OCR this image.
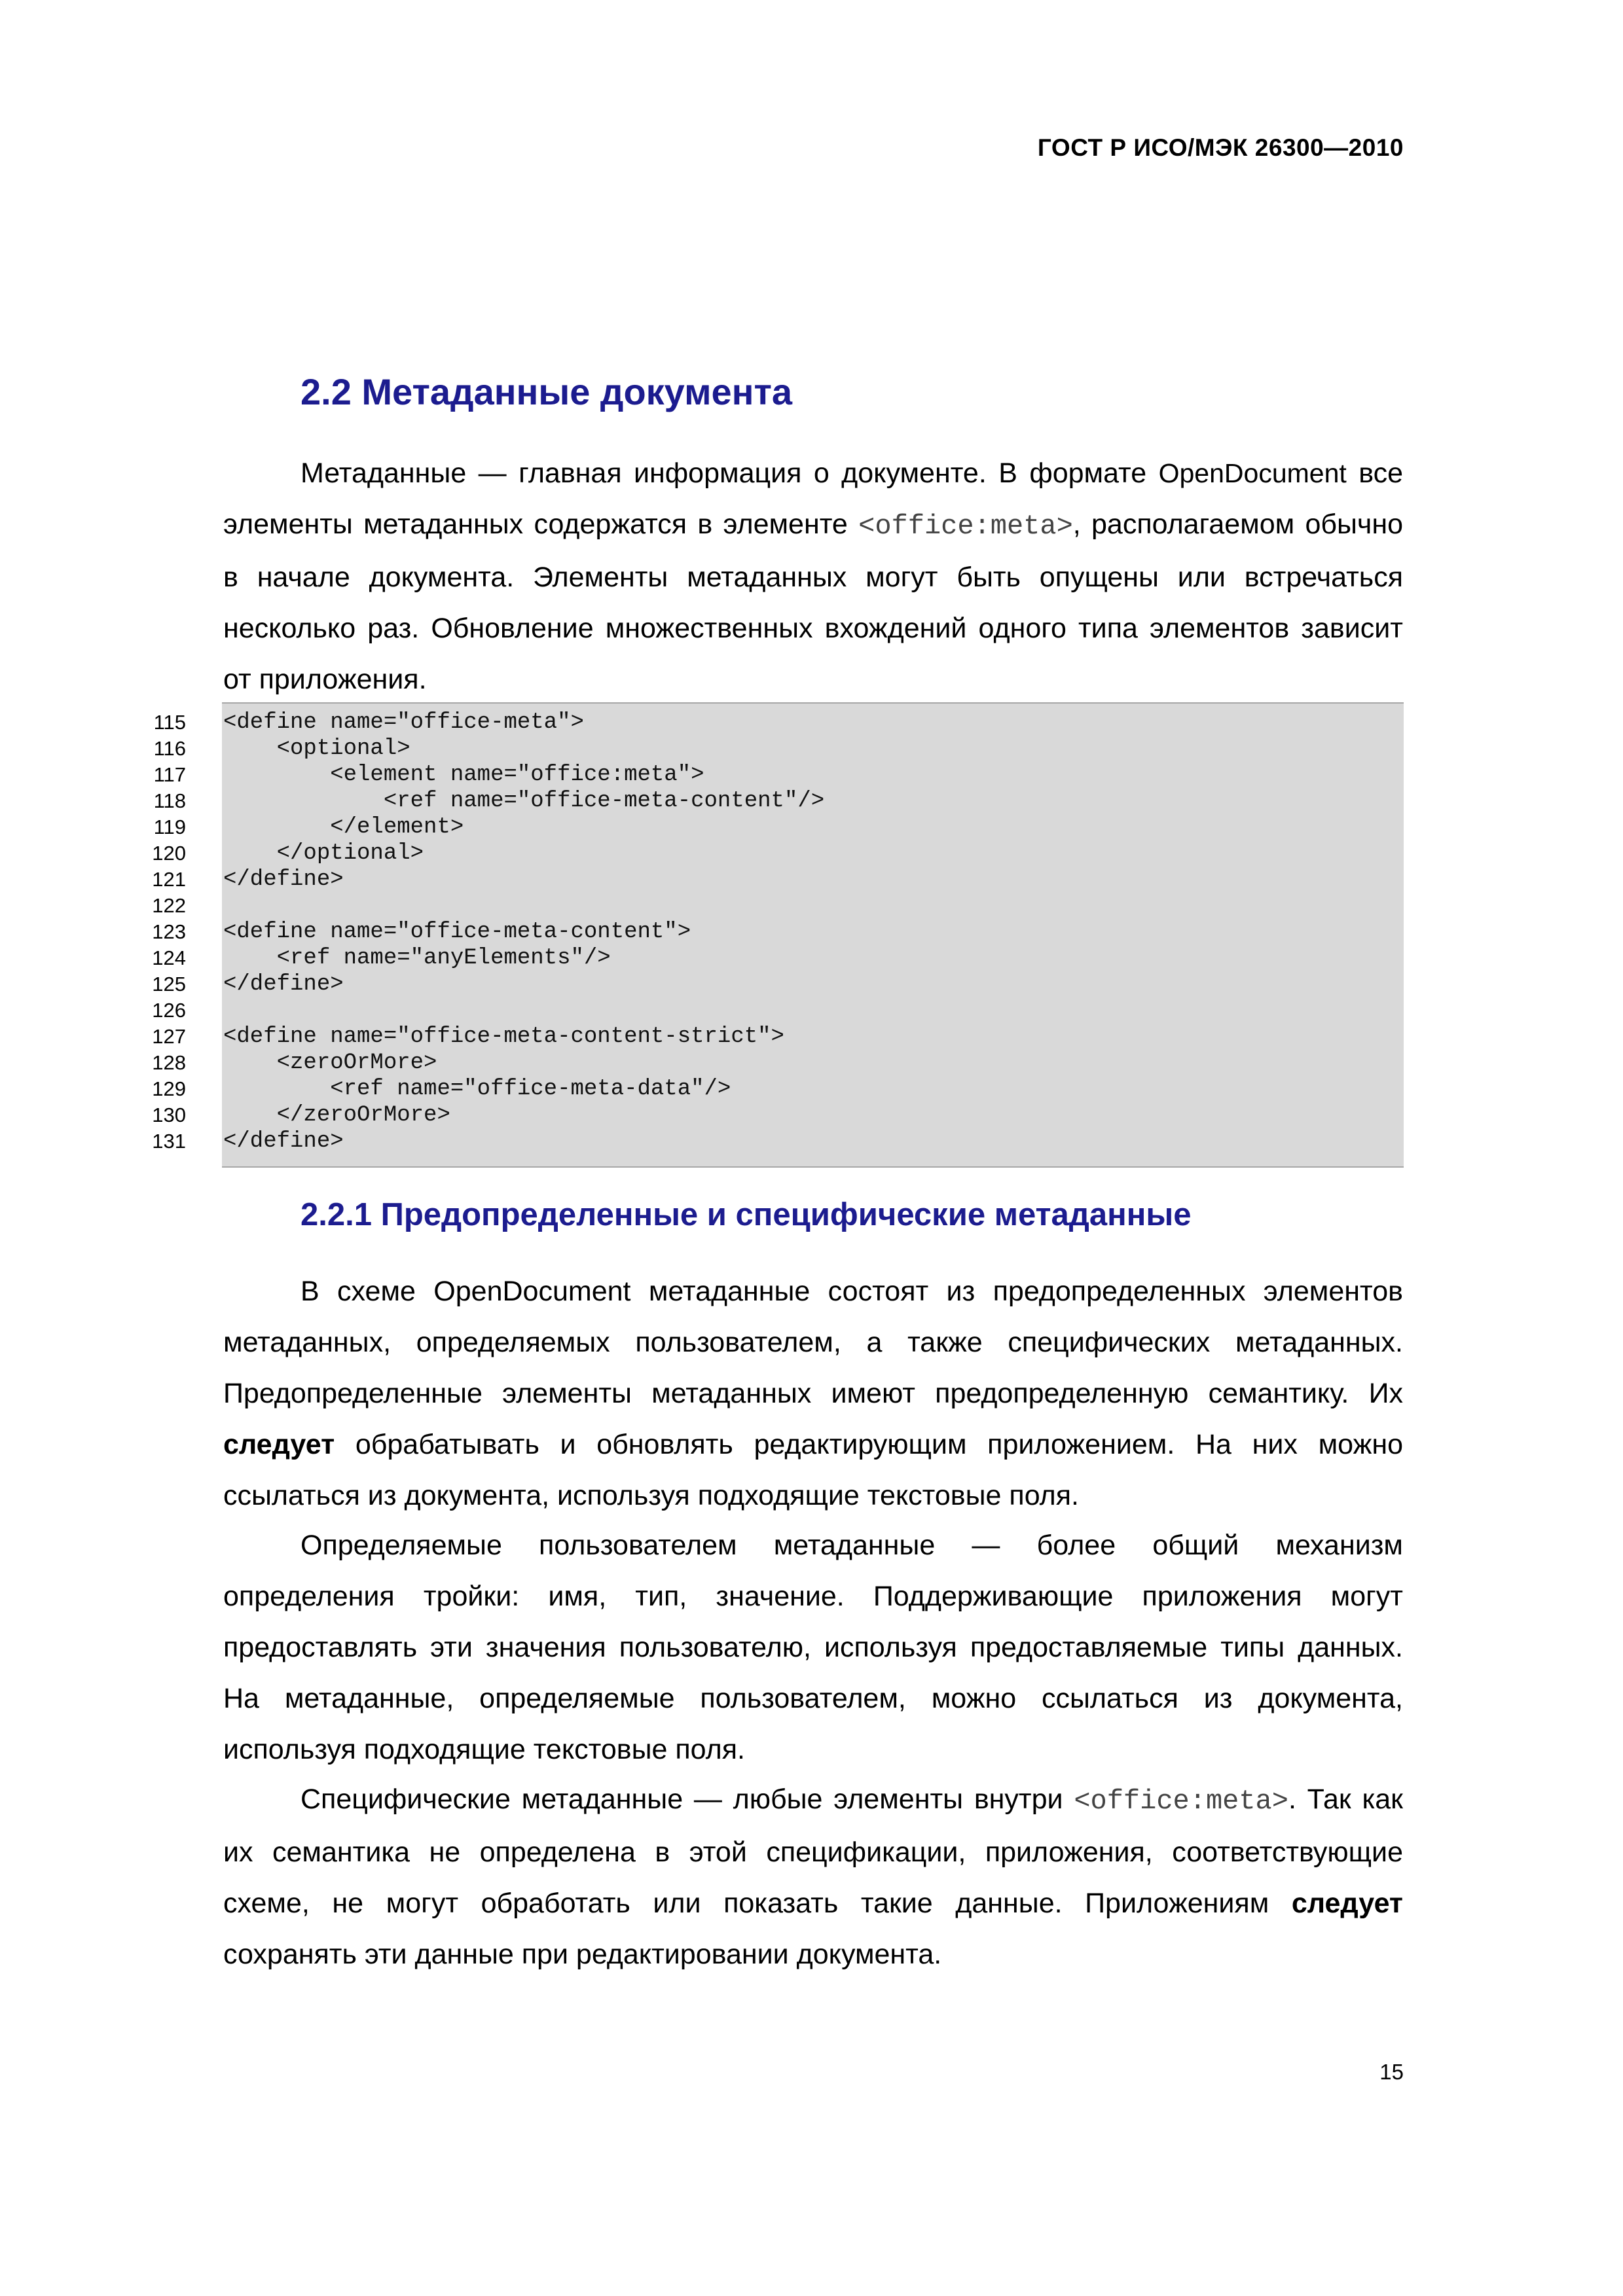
ГОСТ Р ИСО/МЭК 26300—2010
2.2 Метаданные документа

Метаданные — главная информация о документе. В формате OpenDocument все элементы метаданных содержатся в элементе <office:meta>, располагаемом обычно в начале документа. Элементы метаданных могут быть опущены или встречаться несколько раз. Обновление множественных вхождений одного типа элементов зависит от приложения.

115
116
117
118
119
120
121
122
123
124
125
126
127
128
129
130
131
<define name="office-meta">
<optional>
<element name="office:meta">
<ref name="office-meta-content"/>
</element>
</optional>
</define>
<define name="office-meta-content">
<ref name="anyElements"/>
</define>
<define name="office-meta-content-strict">
<zeroOrMore>
<ref name="office-meta-data"/>
</zeroOrMore>
</define>
2.2.1 Предопределенные и специфические метаданные

В схеме OpenDocument метаданные состоят из предопределенных элементов метаданных, определяемых пользователем, а также специфических метаданных. Предопределенные элементы метаданных имеют предопределенную семантику. Их следует обрабатывать и обновлять редактирующим приложением. На них можно ссылаться из документа, используя подходящие текстовые поля.

Определяемые пользователем метаданные — более общий механизм определения тройки: имя, тип, значение. Поддерживающие приложения могут предоставлять эти значения пользователю, используя предоставляемые типы данных. На метаданные, определяемые пользователем, можно ссылаться из документа, используя подходящие текстовые поля.

Специфические метаданные — любые элементы внутри <office:meta>. Так как их семантика не определена в этой спецификации, приложения, соответствующие схеме, не могут обработать или показать такие данные. Приложениям следует сохранять эти данные при редактировании документа.

15
